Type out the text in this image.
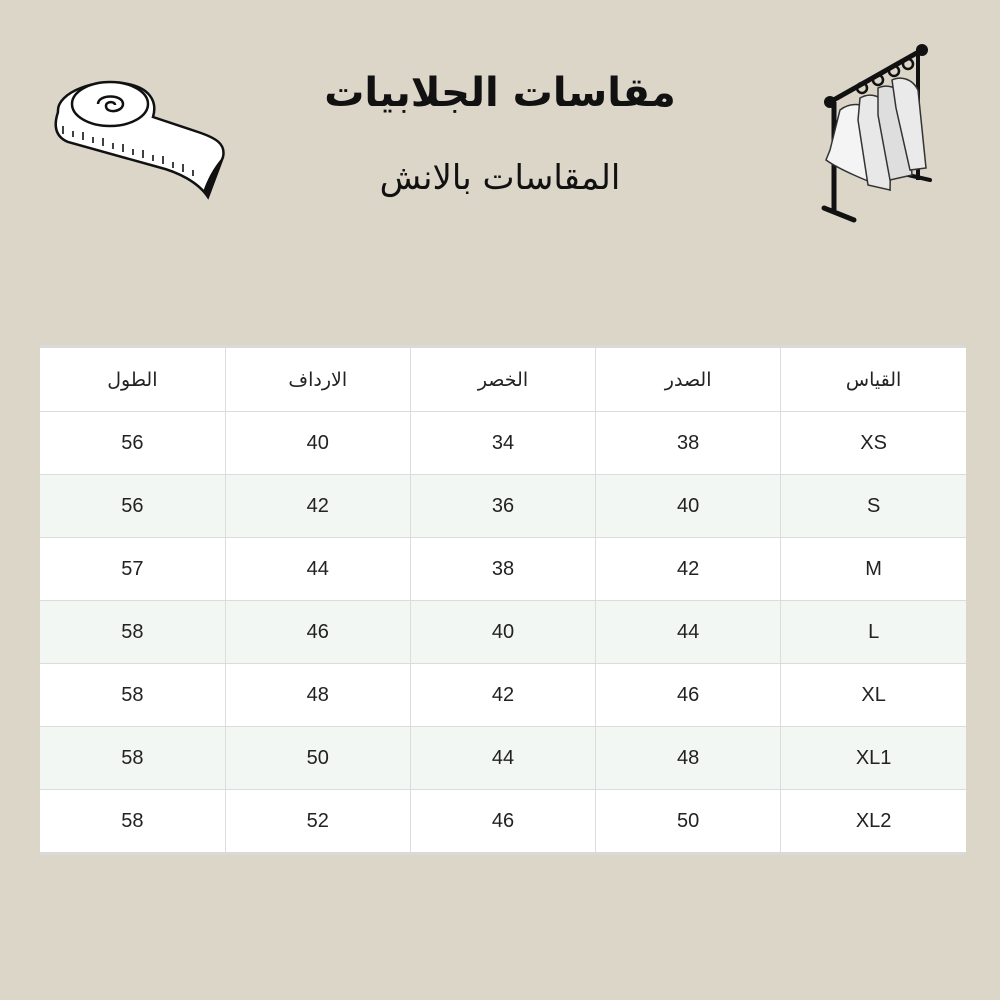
مقاسات الجلابيات
المقاسات بالانش
الطول	الارداف	الخصر	الصدر	القياس
56	40	34	38	XS
56	42	36	40	S
57	44	38	42	M
58	46	40	44	L
58	48	42	46	XL
58	50	44	48	XL1
58	52	46	50	XL2
